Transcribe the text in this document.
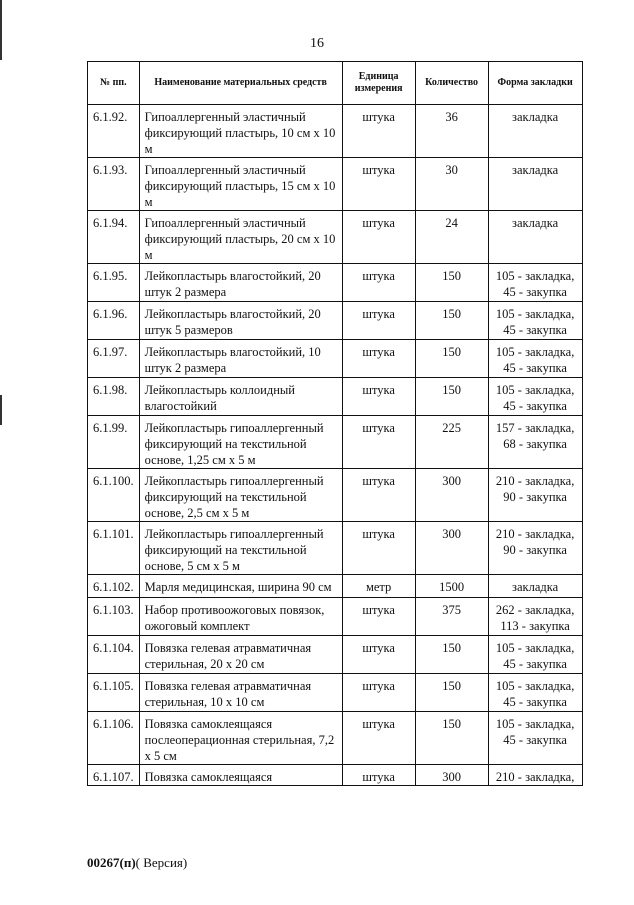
16
№ пп.	Наименование материальных средств	Единица измерения	Количество	Форма закладки
6.1.92.	Гипоаллергенный эластичный фиксирующий пластырь, 10 см х 10 м	штука	36	закладка
6.1.93.	Гипоаллергенный эластичный фиксирующий пластырь, 15 см х 10 м	штука	30	закладка
6.1.94.	Гипоаллергенный эластичный фиксирующий пластырь, 20 см х 10 м	штука	24	закладка
6.1.95.	Лейкопластырь влагостойкий, 20 штук 2 размера	штука	150	105 - закладка,
45 - закупка

6.1.96.	Лейкопластырь влагостойкий, 20 штук 5 размеров	штука	150	105 - закладка,
45 - закупка

6.1.97.	Лейкопластырь влагостойкий, 10 штук 2 размера	штука	150	105 - закладка,
45 - закупка

6.1.98.	Лейкопластырь коллоидный влагостойкий	штука	150	105 - закладка,
45 - закупка

6.1.99.	Лейкопластырь гипоаллергенный фиксирующий на текстильной основе, 1,25 см х 5 м	штука	225	157 - закладка,
68 - закупка

6.1.100.	Лейкопластырь гипоаллергенный фиксирующий на текстильной основе, 2,5 см х 5 м	штука	300	210 - закладка,
90 - закупка

6.1.101.	Лейкопластырь гипоаллергенный фиксирующий на текстильной основе, 5 см х 5 м	штука	300	210 - закладка,
90 - закупка

6.1.102.	Марля медицинская, ширина 90 см	метр	1500	закладка
6.1.103.	Набор противоожоговых повязок, ожоговый комплект	штука	375	262 - закладка,
113 - закупка

6.1.104.	Повязка гелевая атравматичная стерильная, 20 х 20 см	штука	150	105 - закладка,
45 - закупка

6.1.105.	Повязка гелевая атравматичная стерильная, 10 х 10 см	штука	150	105 - закладка,
45 - закупка

6.1.106.	Повязка самоклеящаяся послеоперационная стерильная, 7,2 х 5 см	штука	150	105 - закладка,
45 - закупка

6.1.107.	Повязка самоклеящаяся	штука	300	210 - закладка,
00267(п)( Версия)
